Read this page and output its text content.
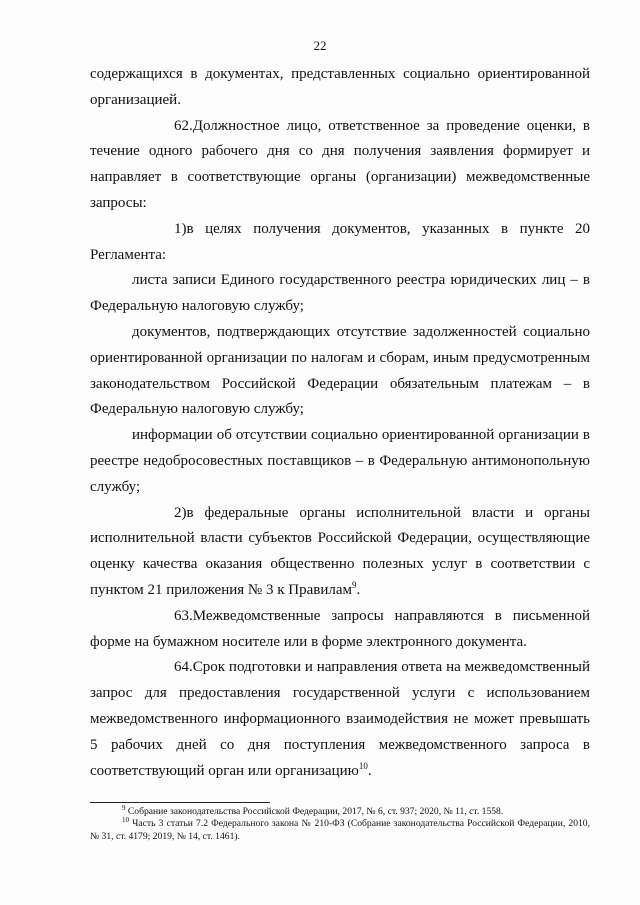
22

содержащихся в документах, представленных социально ориентированной организацией.

62.Должностное лицо, ответственное за проведение оценки, в течение одного рабочего дня со дня получения заявления формирует и направляет в соответствующие органы (организации) межведомственные запросы:

1)в целях получения документов, указанных в пункте 20 Регламента:

листа записи Единого государственного реестра юридических лиц – в Федеральную налоговую службу;

документов, подтверждающих отсутствие задолженностей социально ориентированной организации по налогам и сборам, иным предусмотренным законодательством Российской Федерации обязательным платежам – в Федеральную налоговую службу;

информации об отсутствии социально ориентированной организации в реестре недобросовестных поставщиков – в Федеральную антимонопольную службу;

2)в федеральные органы исполнительной власти и органы исполнительной власти субъектов Российской Федерации, осуществляющие оценку качества оказания общественно полезных услуг в соответствии с пунктом 21 приложения № 3 к Правилам$^9$.

63.Межведомственные запросы направляются в письменной форме на бумажном носителе или в форме электронного документа.

64.Срок подготовки и направления ответа на межведомственный запрос для предоставления государственной услуги с использованием межведомственного информационного взаимодействия не может превышать 5 рабочих дней со дня поступления межведомственного запроса в соответствующий орган или организацию$^{10}$.

$^9$ Собрание законодательства Российской Федерации, 2017, № 6, ст. 937; 2020, № 11, ст. 1558.

$^{10}$ Часть 3 статьи 7.2 Федерального закона № 210-ФЗ (Собрание законодательства Российской Федерации, 2010, № 31, ст. 4179; 2019, № 14, ст. 1461).
